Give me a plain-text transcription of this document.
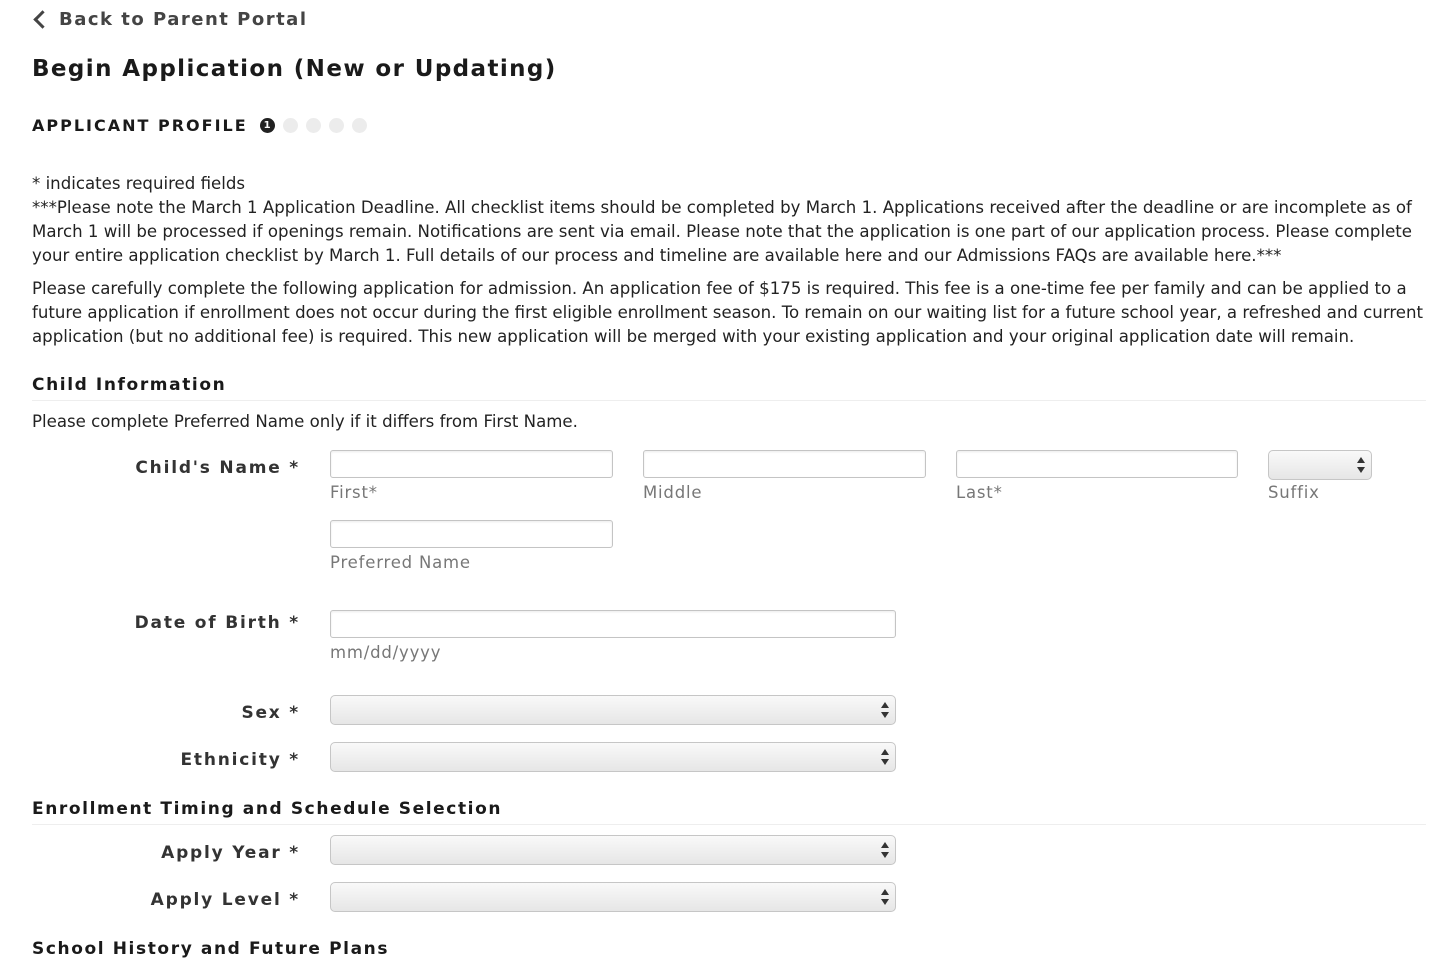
Back to Parent Portal
Begin Application (New or Updating)
APPLICANT PROFILE	1
* indicates required fields
***Please note the March 1 Application Deadline. All checklist items should be completed by March 1. Applications received after the deadline or are incomplete as of March 1 will be processed if openings remain. Notifications are sent via email. Please note that the application is one part of our application process. Please complete your entire application checklist by March 1. Full details of our process and timeline are available here and our Admissions FAQs are available here.***
Please carefully complete the following application for admission. An application fee of $175 is required. This fee is a one-time fee per family and can be applied to a future application if enrollment does not occur during the first eligible enrollment season. To remain on our waiting list for a future school year, a refreshed and current application (but no additional fee) is required. This new application will be merged with your existing application and your original application date will remain.
Child Information
Please complete Preferred Name only if it differs from First Name.
Child's Name *
First*	Middle	Last*	Suffix
Preferred Name
Date of Birth *
mm/dd/yyyy
Sex *
Ethnicity *
Enrollment Timing and Schedule Selection
Apply Year *
Apply Level *
School History and Future Plans
